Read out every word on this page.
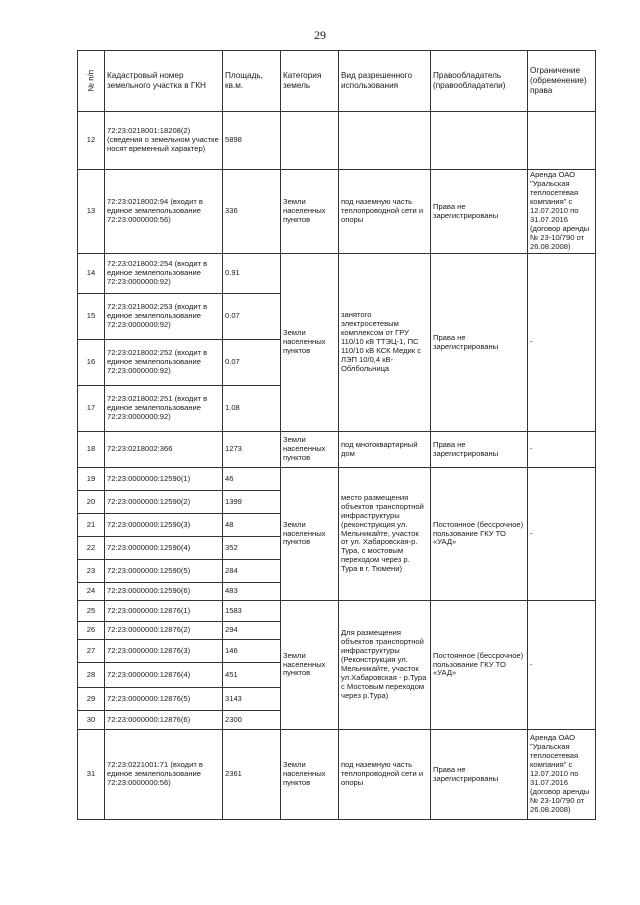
29
№ п/п	Кадастровый номер земельного участка в ГКН	Площадь, кв.м.	Категория земель	Вид разрешенного использования	Правообладатель (правообладатели)	Ограничение (обременение) права
12	72:23:0218001:18208(2) (сведения о земельном участке носят временный характер)	5898				
13	72:23:0218002:94 (входит в единое землепользование 72:23:0000000:56)	336	Земли населенных пунктов	под наземную часть теплопроводной сети и опоры	Права не зарегистрированы	Аренда ОАО "Уральская теплосетевая компания" с 12.07.2010 по 31.07.2016 (договор аренды № 23-10/790 от 26.08.2008)
14	72:23:0218002:254 (входит в единое землепользование 72:23:0000000:92)	0.91	Земли населенных пунктов	занятого электросетевым комплексом от ГРУ 110/10 кВ ТТЭЦ-1, ПС 110/10 кВ КСК Медик с ЛЭП 10/0,4 кВ-Облбольница	Права не зарегистрированы	-
15	72:23:0218002:253 (входит в единое землепользование 72:23:0000000:92)	0.07				
16	72:23:0218002:252 (входит в единое землепользование 72:23:0000000:92)	0.07				
17	72:23:0218002:251 (входит в единое землепользование 72:23:0000000:92)	1.08				
18	72:23:0218002:366	1273	Земли населенных пунктов	под многоквартирный дом	Права не зарегистрированы	-
19	72:23:0000000:12590(1)	46	Земли населенных пунктов	место размещения объектов транспортной инфраструктуры (реконструкция ул. Мельникайте, участок от ул. Хабаровская-р. Тура, с мостовым переходом через р. Тура в г. Тюмени)	Постоянное (бессрочное) пользование ГКУ ТО «УАД»	-
20	72:23:0000000:12590(2)	1399				
21	72:23:0000000:12590(3)	48				
22	72:23:0000000:12590(4)	352				
23	72:23:0000000:12590(5)	284				
24	72:23:0000000:12590(6)	483				
25	72:23:0000000:12876(1)	1583	Земли населенных пунктов	Для размещения объектов транспортной инфраструктуры (Реконструкция ул. Мельникайте, участок ул.Хабаровская - р.Тура с Мостовым переходом через р.Тура)	Постоянное (бессрочное) пользование ГКУ ТО «УАД»	-
26	72:23:0000000:12876(2)	294				
27	72:23:0000000:12876(3)	146				
28	72:23:0000000:12876(4)	451				
29	72:23:0000000:12876(5)	3143				
30	72:23:0000000:12876(6)	2300				
31	72:23:0221001:71 (входит в единое землепользование 72:23:0000000:56)	2361	Земли населенных пунктов	под наземную часть теплопроводной сети и опоры	Права не зарегистрированы	Аренда ОАО "Уральская теплосетевая компания" с 12.07.2010 по 31.07.2016 (договор аренды № 23-10/790 от 26.08.2008)
